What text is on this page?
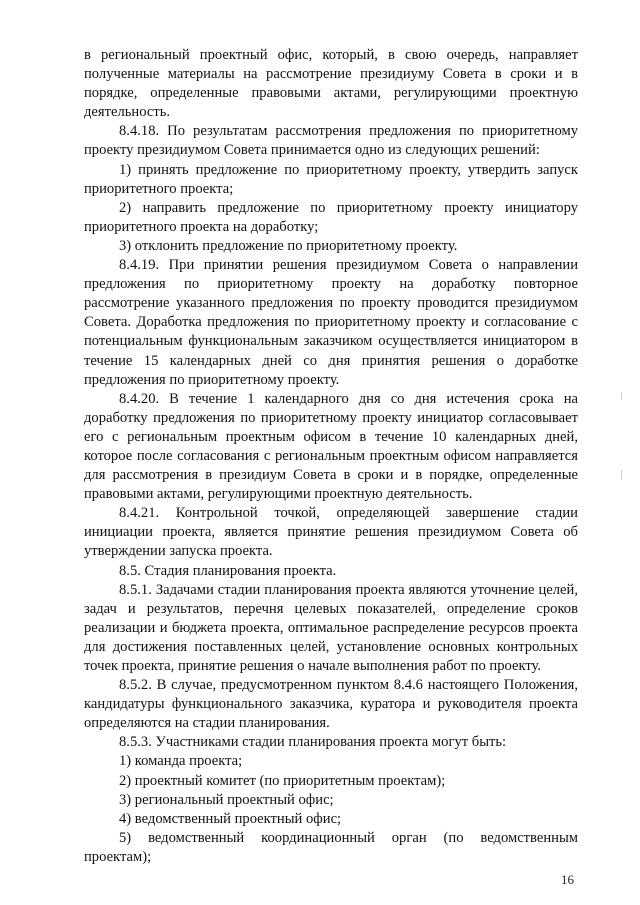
в региональный проектный офис, который, в свою очередь, направляет полученные материалы на рассмотрение президиуму Совета в сроки и в порядке, определенные правовыми актами, регулирующими проектную деятельность.

8.4.18. По результатам рассмотрения предложения по приоритетному проекту президиумом Совета принимается одно из следующих решений:

1) принять предложение по приоритетному проекту, утвердить запуск приоритетного проекта;

2) направить предложение по приоритетному проекту инициатору приоритетного проекта на доработку;

3) отклонить предложение по приоритетному проекту.

8.4.19. При принятии решения президиумом Совета о направлении предложения по приоритетному проекту на доработку повторное рассмотрение указанного предложения по проекту проводится президиумом Совета. Доработка предложения по приоритетному проекту и согласование с потенциальным функциональным заказчиком осуществляется инициатором в течение 15 календарных дней со дня принятия решения о доработке предложения по приоритетному проекту.

8.4.20. В течение 1 календарного дня со дня истечения срока на доработку предложения по приоритетному проекту инициатор согласовывает его с региональным проектным офисом в течение 10 календарных дней, которое после согласования с региональным проектным офисом направляется для рассмотрения в президиум Совета в сроки и в порядке, определенные правовыми актами, регулирующими проектную деятельность.

8.4.21. Контрольной точкой, определяющей завершение стадии инициации проекта, является принятие решения президиумом Совета об утверждении запуска проекта.

8.5. Стадия планирования проекта.

8.5.1. Задачами стадии планирования проекта являются уточнение целей, задач и результатов, перечня целевых показателей, определение сроков реализации и бюджета проекта, оптимальное распределение ресурсов проекта для достижения поставленных целей, установление основных контрольных точек проекта, принятие решения о начале выполнения работ по проекту.

8.5.2. В случае, предусмотренном пунктом 8.4.6 настоящего Положения, кандидатуры функционального заказчика, куратора и руководителя проекта определяются на стадии планирования.

8.5.3. Участниками стадии планирования проекта могут быть:

1) команда проекта;

2) проектный комитет (по приоритетным проектам);

3) региональный проектный офис;

4) ведомственный проектный офис;

5) ведомственный координационный орган (по ведомственным проектам);

16
